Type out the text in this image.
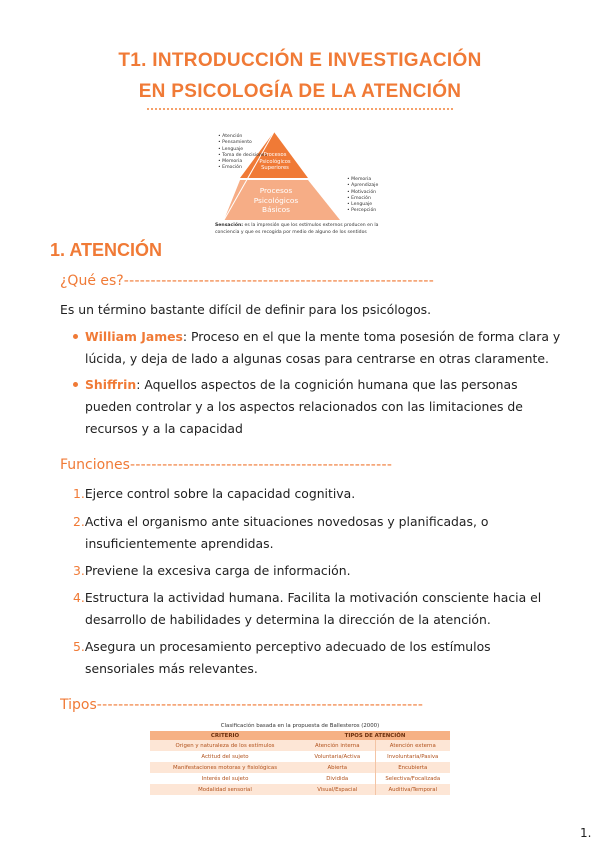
T1. INTRODUCCIÓN E INVESTIGACIÓN
EN PSICOLOGÍA DE LA ATENCIÓN
• Atención
• Pensamiento
• Lenguaje
• Toma de decisiones
• Memoria
• Emoción
Procesos Psicológicos Superiores
Procesos Psicológicos Básicos
• Memoria
• Aprendizaje
• Motivación
• Emoción
• Lenguaje
• Percepción
Sensación: es la impresión que los estímulos externos producen en la conciencia y que es recogida por medio de alguno de los sentidos
1. ATENCIÓN
¿Qué es?----------------------------------------------------------
Es un término bastante difícil de definir para los psicólogos.
William James: Proceso en el que la mente toma posesión de forma clara y
lúcida, y deja de lado a algunas cosas para centrarse en otras claramente.
Shiffrin: Aquellos aspectos de la cognición humana que las personas
pueden controlar y a los aspectos relacionados con las limitaciones de
recursos y a la capacidad
Funciones-------------------------------------------------
1.Ejerce control sobre la capacidad cognitiva.
2.Activa el organismo ante situaciones novedosas y planificadas, o
insuficientemente aprendidas.
3.Previene la excesiva carga de información.
4.Estructura la actividad humana. Facilita la motivación consciente hacia el
desarrollo de habilidades y determina la dirección de la atención.
5.Asegura un procesamiento perceptivo adecuado de los estímulos
sensoriales más relevantes.
Tipos-------------------------------------------------------------
Clasificación basada en la propuesta de Ballesteros (2000)
CRITERIO	TIPOS DE ATENCIÓN	
Origen y naturaleza de los estímulos	Atención interna	Atención externa
Actitud del sujeto	Voluntaria/Activa	Involuntaria/Pasiva
Manifestaciones motoras y fisiológicas	Abierta	Encubierta
Interés del sujeto	Dividida	Selectiva/Focalizada
Modalidad sensorial	Visual/Espacial	Auditiva/Temporal
1.
